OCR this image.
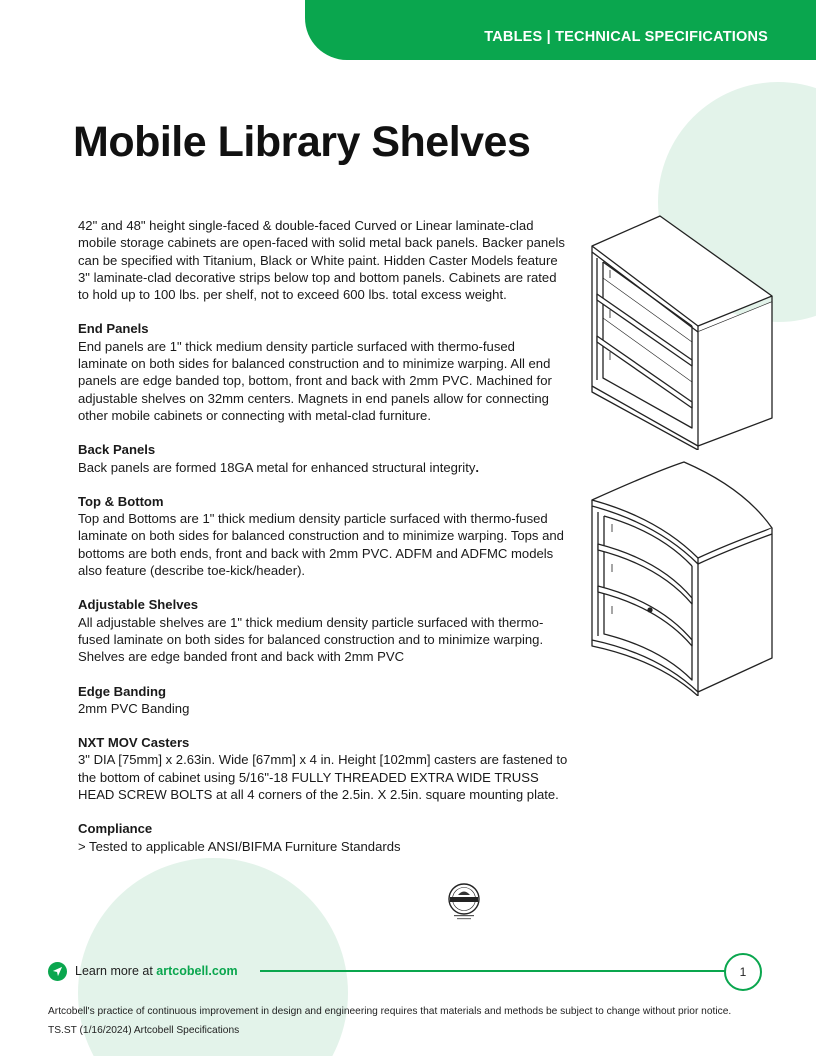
TABLES | TECHNICAL SPECIFICATIONS
Mobile Library Shelves

42" and 48" height single-faced & double-faced Curved or Linear laminate-clad mobile storage cabinets are open-faced with solid metal back panels. Backer panels can be specified with Titanium, Black or White paint. Hidden Caster Models feature 3" laminate-clad decorative strips below top and bottom panels. Cabinets are rated to hold up to 100 lbs. per shelf, not to exceed 600 lbs. total excess weight.

End Panels

End panels are 1" thick medium density particle surfaced with thermo-fused laminate on both sides for balanced construction and to minimize warping. All end panels are edge banded top, bottom, front and back with 2mm PVC. Machined for adjustable shelves on 32mm centers. Magnets in end panels allow for connecting other mobile cabinets or connecting with metal-clad furniture.

Back Panels

Back panels are formed 18GA metal for enhanced structural integrity.

Top & Bottom

Top and Bottoms are 1" thick medium density particle surfaced with thermo-fused laminate on both sides for balanced construction and to minimize warping. Tops and bottoms are both ends, front and back with 2mm PVC. ADFM and ADFMC models also feature (describe toe-kick/header).

Adjustable Shelves

All adjustable shelves are 1" thick medium density particle surfaced with thermo-fused laminate on both sides for balanced construction and to minimize warping. Shelves are edge banded front and back with 2mm PVC

Edge Banding

2mm PVC Banding

NXT MOV Casters

3" DIA [75mm] x 2.63in. Wide [67mm] x 4 in. Height [102mm] casters are fastened to the bottom of cabinet using 5/16"-18 FULLY THREADED EXTRA WIDE TRUSS HEAD SCREW BOLTS at all 4 corners of the 2.5in. X 2.5in. square mounting plate.

Compliance

> Tested to applicable ANSI/BIFMA Furniture Standards

Learn more at artcobell.com	1
Artcobell's practice of continuous improvement in design and engineering requires that materials and methods be subject to change without prior notice.
TS.ST (1/16/2024) Artcobell Specifications
